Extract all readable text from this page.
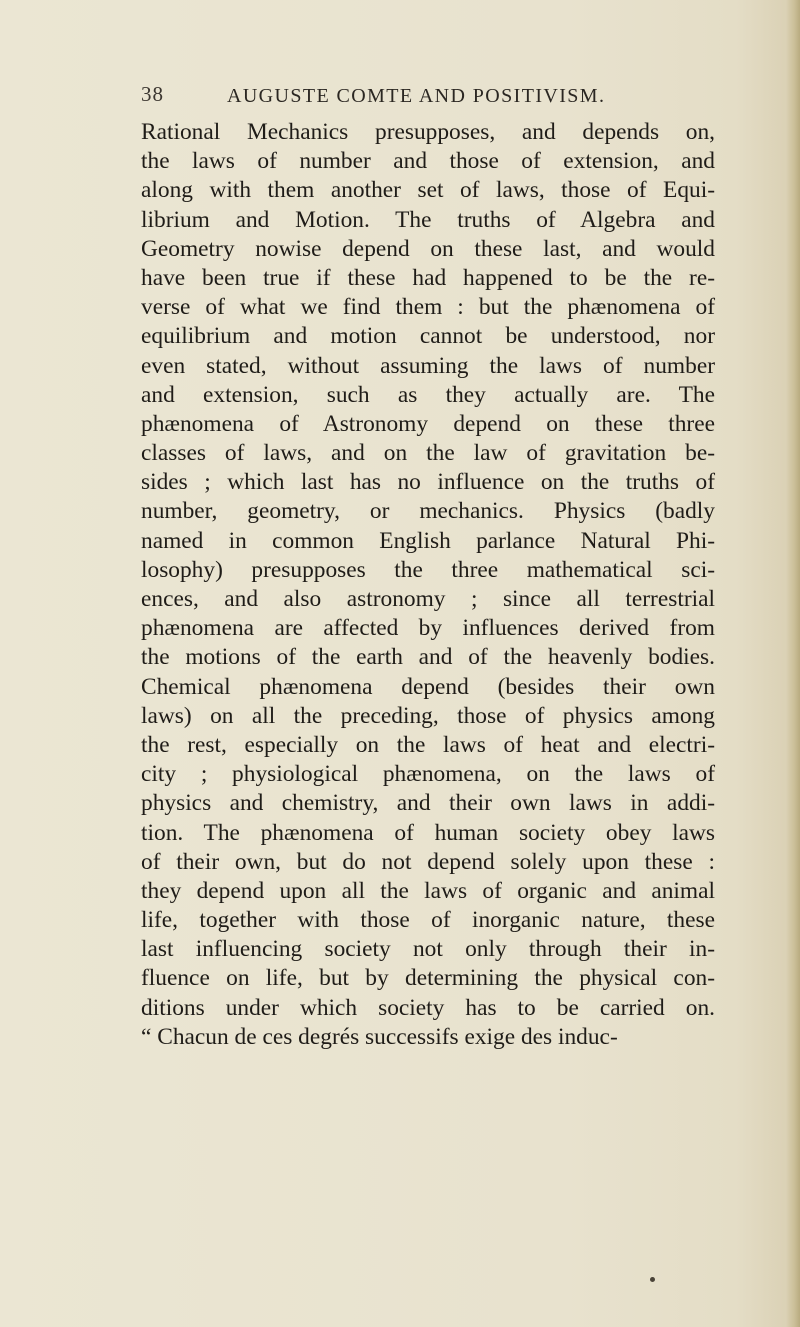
38	AUGUSTE COMTE AND POSITIVISM.
Rational Mechanics presupposes, and depends on,
the laws of number and those of extension, and
along with them another set of laws, those of Equi-
librium and Motion. The truths of Algebra and
Geometry nowise depend on these last, and would
have been true if these had happened to be the re-
verse of what we find them : but the phænomena of
equilibrium and motion cannot be understood, nor
even stated, without assuming the laws of number
and extension, such as they actually are. The
phænomena of Astronomy depend on these three
classes of laws, and on the law of gravitation be-
sides ; which last has no influence on the truths of
number, geometry, or mechanics. Physics (badly
named in common English parlance Natural Phi-
losophy) presupposes the three mathematical sci-
ences, and also astronomy ; since all terrestrial
phænomena are affected by influences derived from
the motions of the earth and of the heavenly bodies.
Chemical phænomena depend (besides their own
laws) on all the preceding, those of physics among
the rest, especially on the laws of heat and electri-
city ; physiological phænomena, on the laws of
physics and chemistry, and their own laws in addi-
tion. The phænomena of human society obey laws
of their own, but do not depend solely upon these :
they depend upon all the laws of organic and animal
life, together with those of inorganic nature, these
last influencing society not only through their in-
fluence on life, but by determining the physical con-
ditions under which society has to be carried on.
“ Chacun de ces degrés successifs exige des induc-
